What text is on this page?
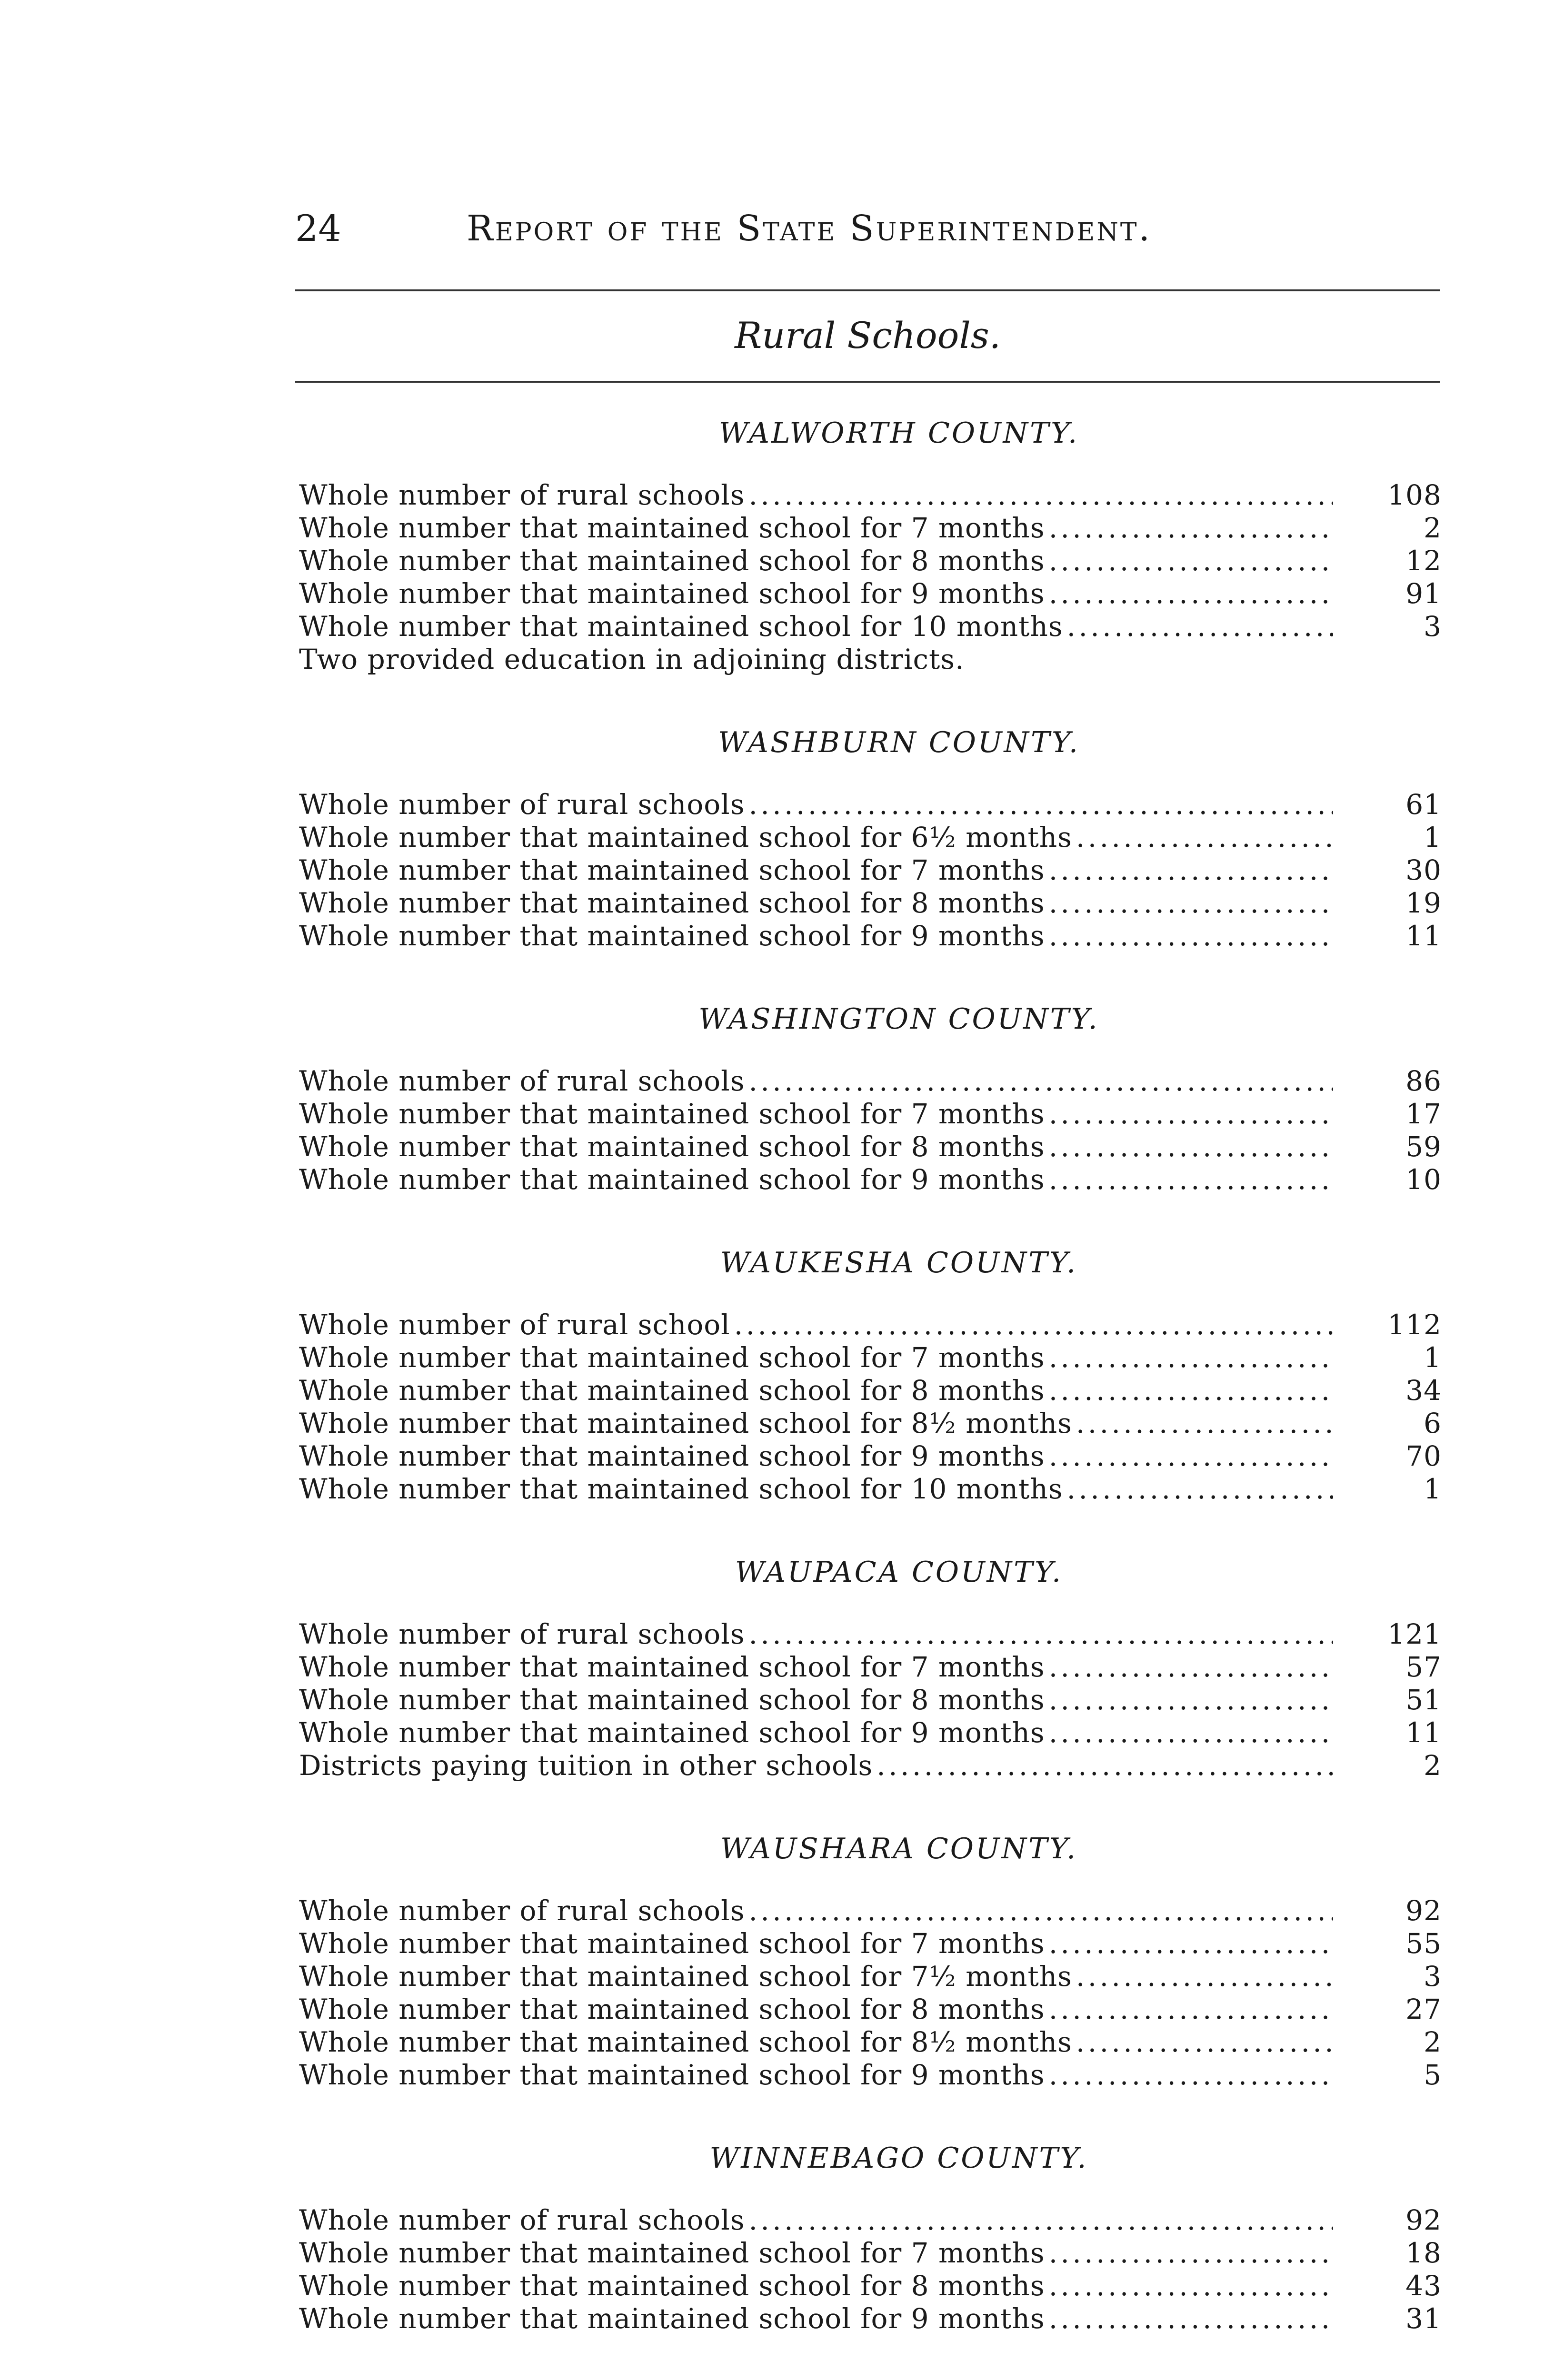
24	Report of the State Superintendent.
Rural Schools.
WALWORTH COUNTY.
Whole number of rural schools . . .	108
Whole number that maintained school for 7 months . . .	2
Whole number that maintained school for 8 months . . .	12
Whole number that maintained school for 9 months . . .	91
Whole number that maintained school for 10 months . . .	3
Two provided education in adjoining districts.
WASHBURN COUNTY.
Whole number of rural schools . . .	61
Whole number that maintained school for 6½ months . . .	1
Whole number that maintained school for 7 months . . .	30
Whole number that maintained school for 8 months . . .	19
Whole number that maintained school for 9 months . . .	11
WASHINGTON COUNTY.
Whole number of rural schools . . .	86
Whole number that maintained school for 7 months . . .	17
Whole number that maintained school for 8 months . . .	59
Whole number that maintained school for 9 months . . .	10
WAUKESHA COUNTY.
Whole number of rural school . . .	112
Whole number that maintained school for 7 months . . .	1
Whole number that maintained school for 8 months . . .	34
Whole number that maintained school for 8½ months . . .	6
Whole number that maintained school for 9 months . . .	70
Whole number that maintained school for 10 months . . .	1
WAUPACA COUNTY.
Whole number of rural schools . . .	121
Whole number that maintained school for 7 months . . .	57
Whole number that maintained school for 8 months . . .	51
Whole number that maintained school for 9 months . . .	11
Districts paying tuition in other schools . . .	2
WAUSHARA COUNTY.
Whole number of rural schools . . .	92
Whole number that maintained school for 7 months . . .	55
Whole number that maintained school for 7½ months . . .	3
Whole number that maintained school for 8 months . . .	27
Whole number that maintained school for 8½ months . . .	2
Whole number that maintained school for 9 months . . .	5
WINNEBAGO COUNTY.
Whole number of rural schools . . .	92
Whole number that maintained school for 7 months . . .	18
Whole number that maintained school for 8 months . . .	43
Whole number that maintained school for 9 months . . .	31
